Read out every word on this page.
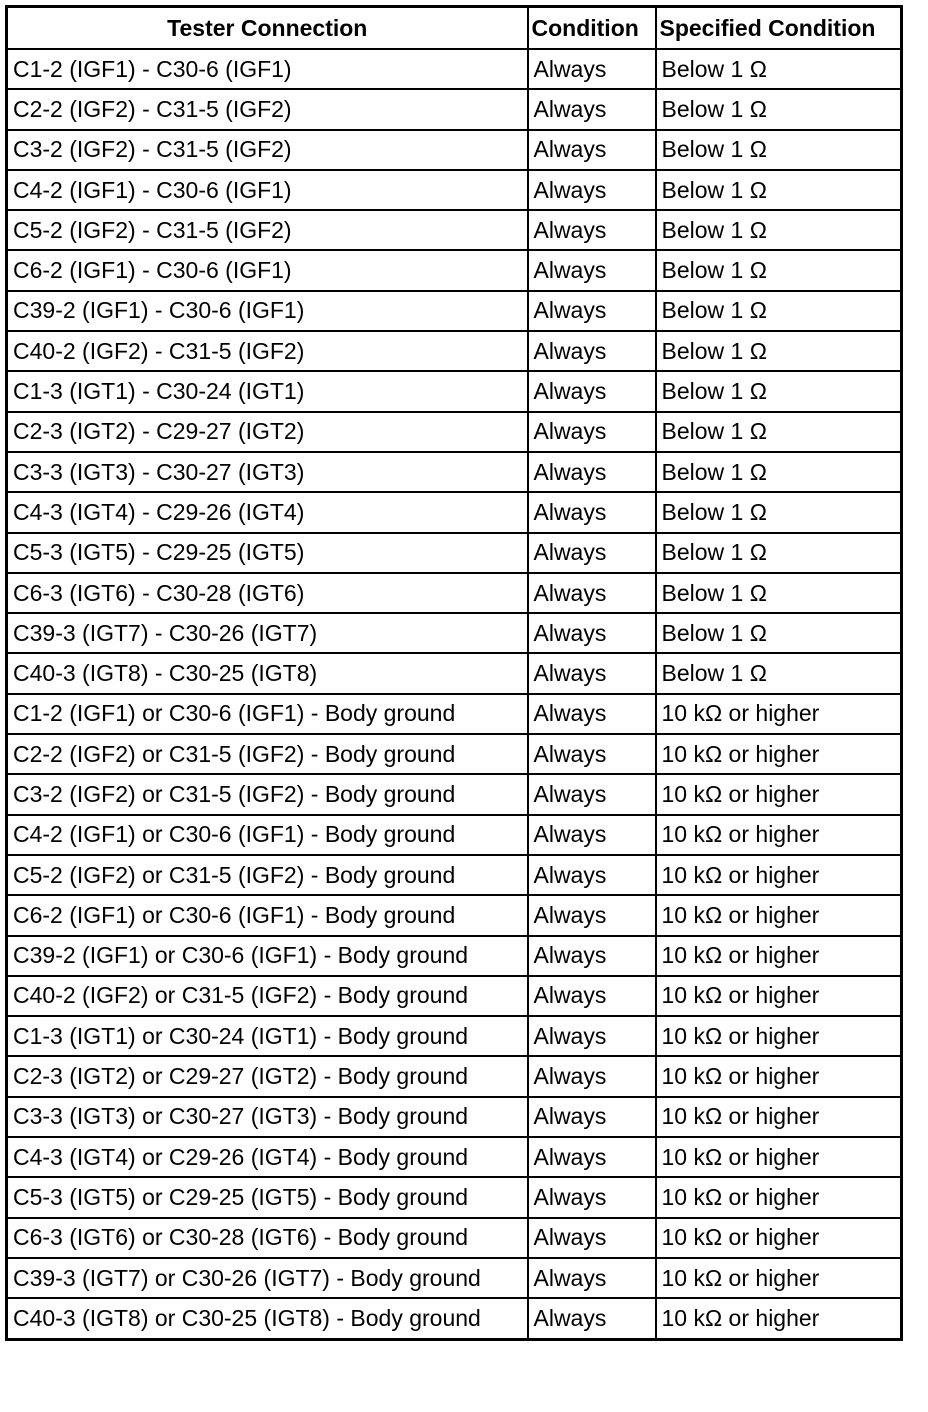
Tester Connection	Condition	Specified Condition
C1-2 (IGF1) - C30-6 (IGF1)	Always	Below 1 Ω
C2-2 (IGF2) - C31-5 (IGF2)	Always	Below 1 Ω
C3-2 (IGF2) - C31-5 (IGF2)	Always	Below 1 Ω
C4-2 (IGF1) - C30-6 (IGF1)	Always	Below 1 Ω
C5-2 (IGF2) - C31-5 (IGF2)	Always	Below 1 Ω
C6-2 (IGF1) - C30-6 (IGF1)	Always	Below 1 Ω
C39-2 (IGF1) - C30-6 (IGF1)	Always	Below 1 Ω
C40-2 (IGF2) - C31-5 (IGF2)	Always	Below 1 Ω
C1-3 (IGT1) - C30-24 (IGT1)	Always	Below 1 Ω
C2-3 (IGT2) - C29-27 (IGT2)	Always	Below 1 Ω
C3-3 (IGT3) - C30-27 (IGT3)	Always	Below 1 Ω
C4-3 (IGT4) - C29-26 (IGT4)	Always	Below 1 Ω
C5-3 (IGT5) - C29-25 (IGT5)	Always	Below 1 Ω
C6-3 (IGT6) - C30-28 (IGT6)	Always	Below 1 Ω
C39-3 (IGT7) - C30-26 (IGT7)	Always	Below 1 Ω
C40-3 (IGT8) - C30-25 (IGT8)	Always	Below 1 Ω
C1-2 (IGF1) or C30-6 (IGF1) - Body ground	Always	10 kΩ or higher
C2-2 (IGF2) or C31-5 (IGF2) - Body ground	Always	10 kΩ or higher
C3-2 (IGF2) or C31-5 (IGF2) - Body ground	Always	10 kΩ or higher
C4-2 (IGF1) or C30-6 (IGF1) - Body ground	Always	10 kΩ or higher
C5-2 (IGF2) or C31-5 (IGF2) - Body ground	Always	10 kΩ or higher
C6-2 (IGF1) or C30-6 (IGF1) - Body ground	Always	10 kΩ or higher
C39-2 (IGF1) or C30-6 (IGF1) - Body ground	Always	10 kΩ or higher
C40-2 (IGF2) or C31-5 (IGF2) - Body ground	Always	10 kΩ or higher
C1-3 (IGT1) or C30-24 (IGT1) - Body ground	Always	10 kΩ or higher
C2-3 (IGT2) or C29-27 (IGT2) - Body ground	Always	10 kΩ or higher
C3-3 (IGT3) or C30-27 (IGT3) - Body ground	Always	10 kΩ or higher
C4-3 (IGT4) or C29-26 (IGT4) - Body ground	Always	10 kΩ or higher
C5-3 (IGT5) or C29-25 (IGT5) - Body ground	Always	10 kΩ or higher
C6-3 (IGT6) or C30-28 (IGT6) - Body ground	Always	10 kΩ or higher
C39-3 (IGT7) or C30-26 (IGT7) - Body ground	Always	10 kΩ or higher
C40-3 (IGT8) or C30-25 (IGT8) - Body ground	Always	10 kΩ or higher
